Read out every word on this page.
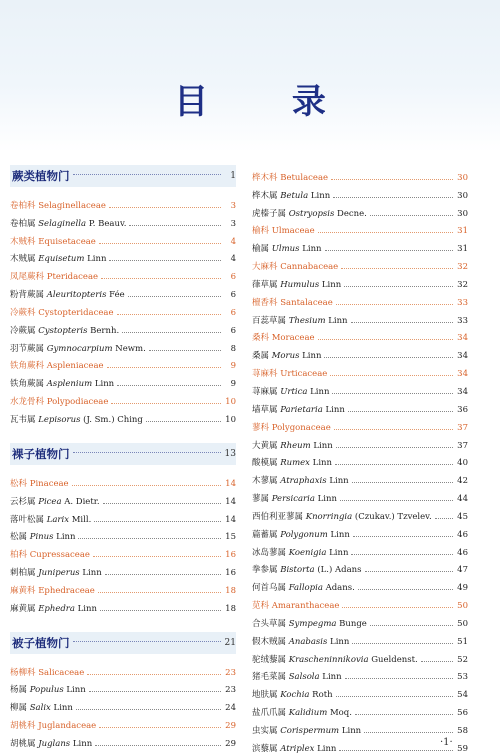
目 录
蕨类植物门	1
卷柏科 Selaginellaceae	3
卷柏属 Selaginella P. Beauv.	3
木贼科 Equisetaceae	4
木贼属 Equisetum Linn	4
凤尾蕨科 Pteridaceae	6
粉背蕨属 Aleuritopteris Fée	6
冷蕨科 Cystopteridaceae	6
冷蕨属 Cystopteris Bernh.	6
羽节蕨属 Gymnocarpium Newm.	8
铁角蕨科 Aspleniaceae	9
铁角蕨属 Asplenium Linn	9
水龙骨科 Polypodiaceae	10
瓦韦属 Lepisorus (J. Sm.) Ching	10
裸子植物门	13
松科 Pinaceae	14
云杉属 Picea A. Dietr.	14
落叶松属 Larix Mill.	14
松属 Pinus Linn	15
柏科 Cupressaceae	16
刺柏属 Juniperus Linn	16
麻黄科 Ephedraceae	18
麻黄属 Ephedra Linn	18
被子植物门	21
杨柳科 Salicaceae	23
杨属 Populus Linn	23
柳属 Salix Linn	24
胡桃科 Juglandaceae	29
胡桃属 Juglans Linn	29
桦木科 Betulaceae	30
桦木属 Betula Linn	30
虎榛子属 Ostryopsis Decne.	30
榆科 Ulmaceae	31
榆属 Ulmus Linn	31
大麻科 Cannabaceae	32
葎草属 Humulus Linn	32
檀香科 Santalaceae	33
百蕊草属 Thesium Linn	33
桑科 Moraceae	34
桑属 Morus Linn	34
荨麻科 Urticaceae	34
荨麻属 Urtica Linn	34
墙草属 Parietaria Linn	36
蓼科 Polygonaceae	37
大黄属 Rheum Linn	37
酸模属 Rumex Linn	40
木蓼属 Atraphaxis Linn	42
蓼属 Persicaria Linn	44
西伯利亚蓼属 Knorringia (Czukav.) Tzvelev.	45
萹蓄属 Polygonum Linn	46
冰岛蓼属 Koenigia Linn	46
拳参属 Bistorta (L.) Adans	47
何首乌属 Fallopia Adans.	49
苋科 Amaranthaceae	50
合头草属 Sympegma Bunge	50
假木贼属 Anabasis Linn	51
驼绒藜属 Krascheninnikovia Gueldenst.	52
猪毛菜属 Salsola Linn	53
地肤属 Kochia Roth	54
盐爪爪属 Kalidium Moq.	56
虫实属 Corispermum Linn	58
滨藜属 Atriplex Linn	59
·1·
